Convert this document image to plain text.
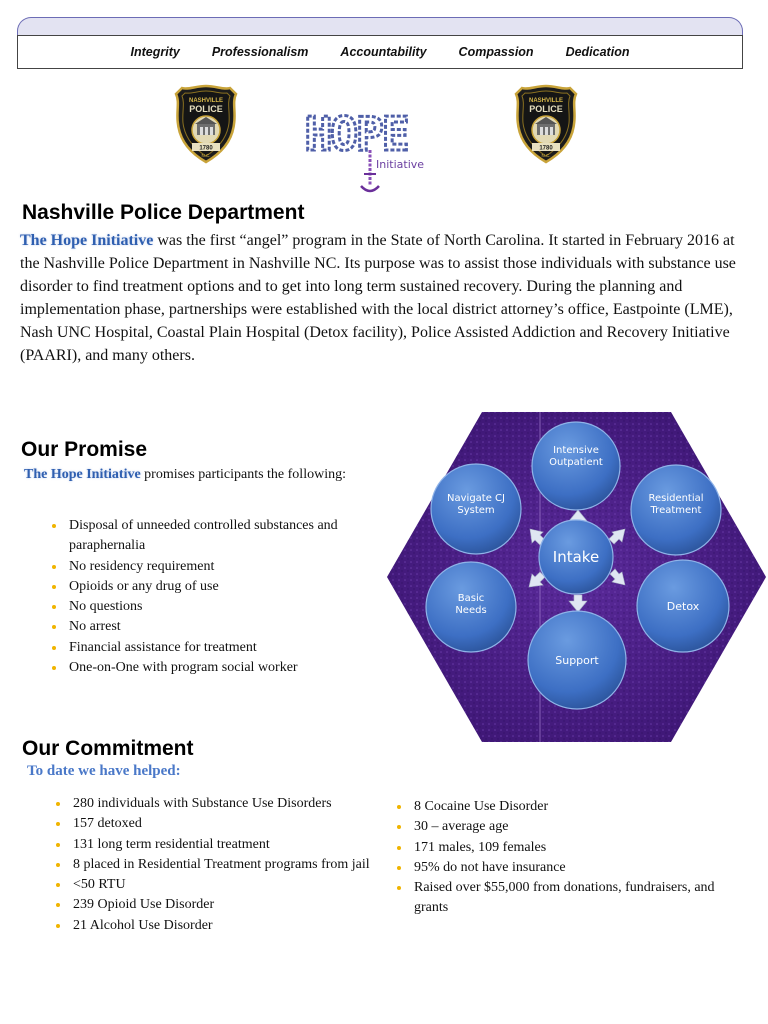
Integrity	Professionalism	Accountability	Compassion	Dedication
NASHVILLE
POLICE
1780
N.C. HOPE
Initiative
NASHVILLE
POLICE
1780
N.C.
Nashville Police Department
The Hope Initiative was the first “angel” program in the State of North Carolina. It started in February 2016 at the Nashville Police Department in Nashville NC. Its purpose was to assist those individuals with substance use disorder to find treatment options and to get into long term sustained recovery. During the planning and implementation phase, partnerships were established with the local district attorney’s office, Eastpointe (LME), Nash UNC Hospital, Coastal Plain Hospital (Detox facility), Police Assisted Addiction and Recovery Initiative (PAARI), and many others.
Our Promise
The Hope Initiative promises participants the following:
Disposal of unneeded controlled substances and paraphernalia
No residency requirement
Opioids or any drug of use
No questions
No arrest
Financial assistance for treatment
One-on-One with program social worker
Intake
Intensive Outpatient
Residential Treatment
Detox
Support
Basic Needs
Navigate CJ System
Our Commitment
To date we have helped:
280 individuals with Substance Use Disorders
157 detoxed
131 long term residential treatment
8 placed in Residential Treatment programs from jail
<50 RTU
239 Opioid Use Disorder
21 Alcohol Use Disorder
8 Cocaine Use Disorder
30 – average age
171 males, 109 females
95% do not have insurance
Raised over $55,000 from donations, fundraisers, and grants
